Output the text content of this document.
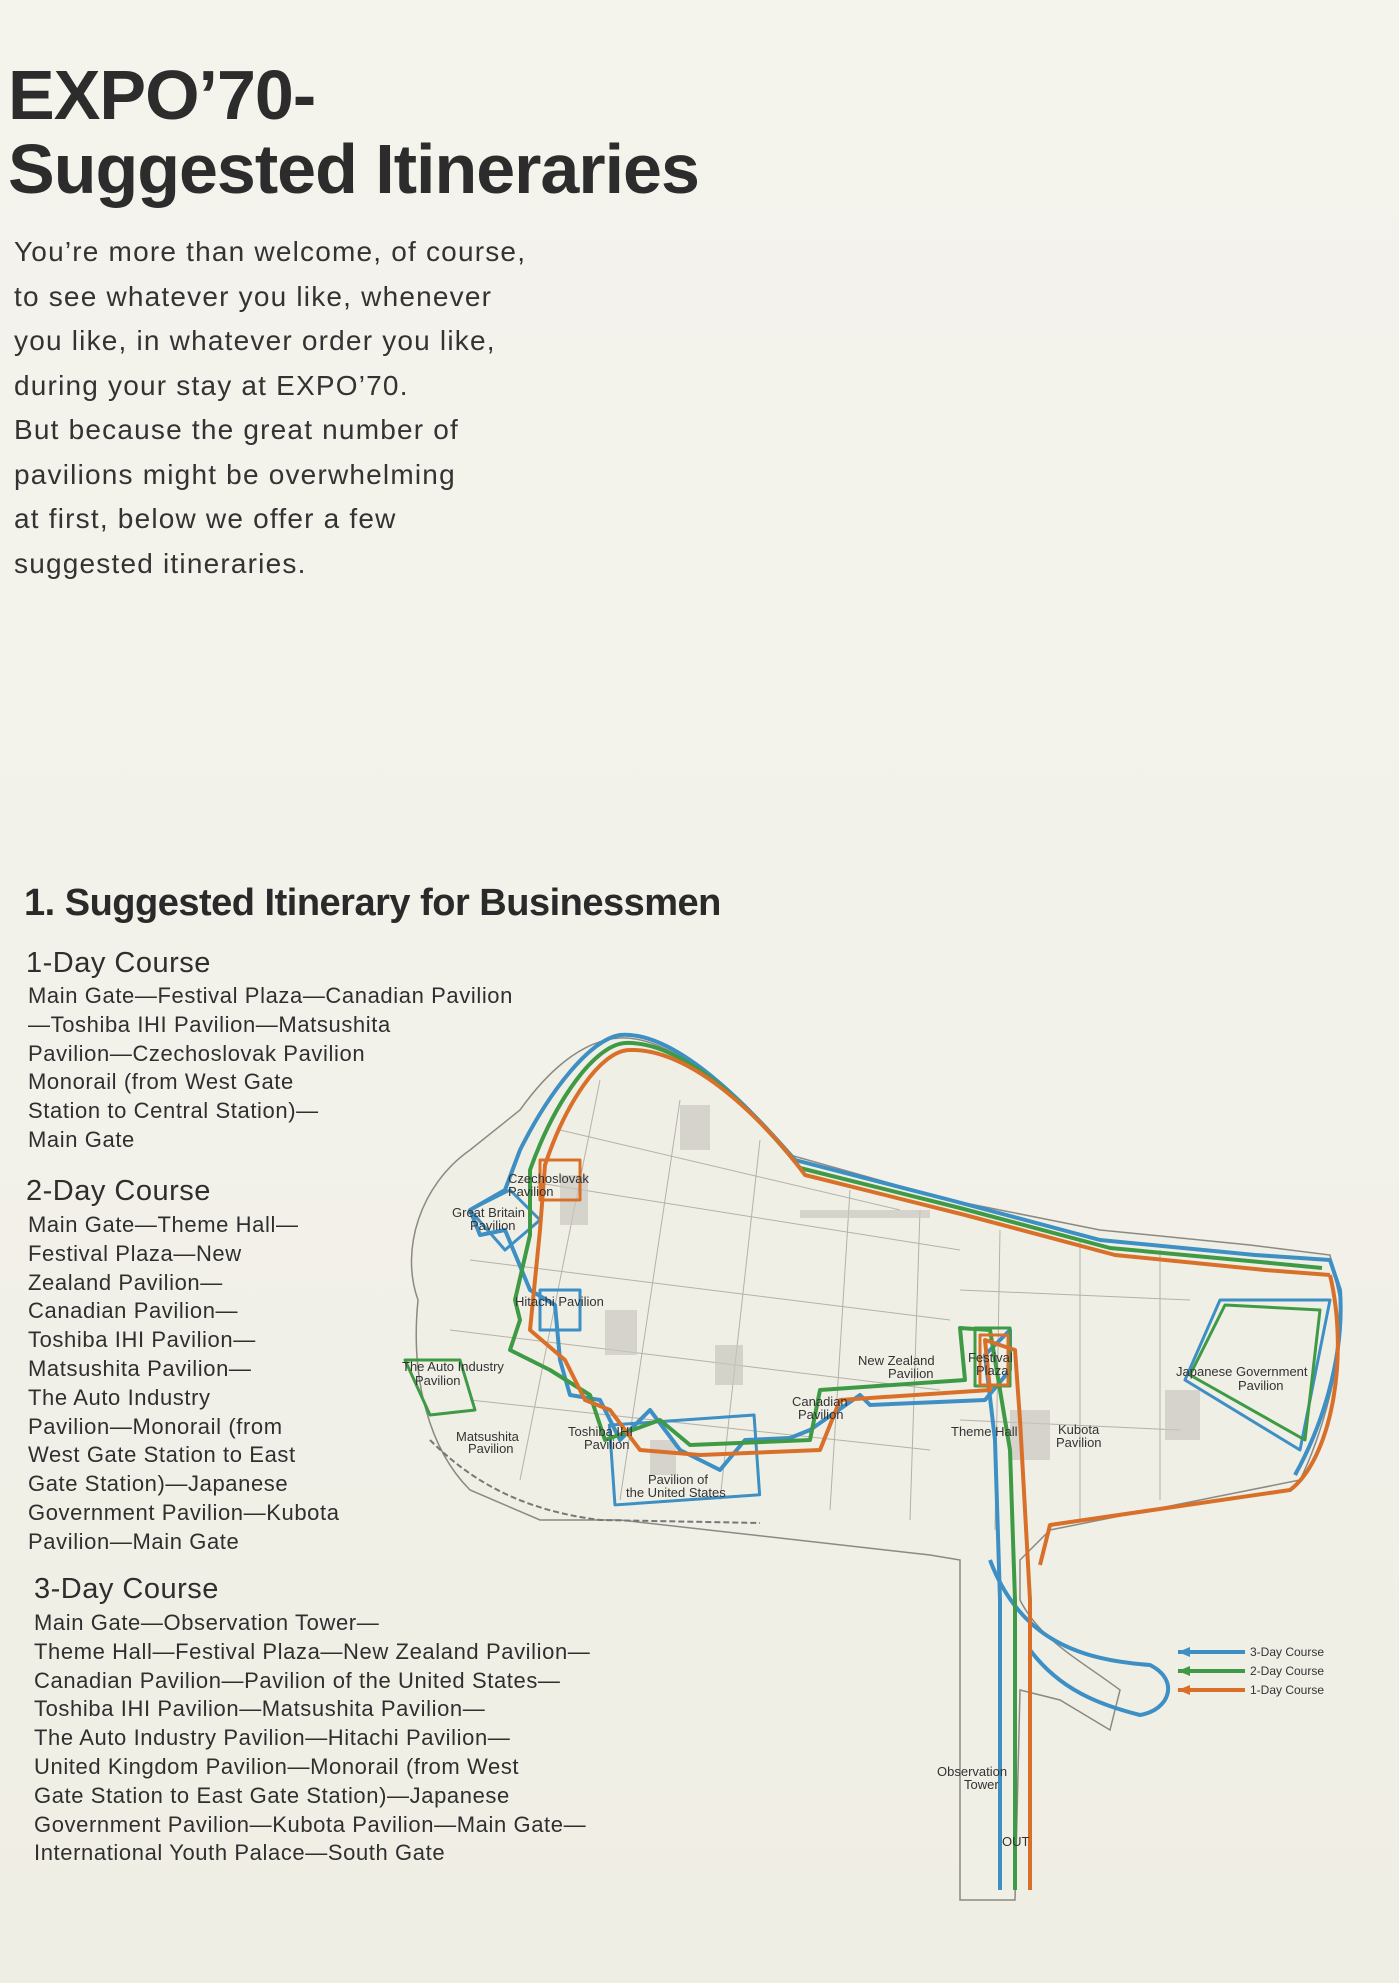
EXPO’70-
Suggested Itineraries

You’re more than welcome, of course,
to see whatever you like, whenever
you like, in whatever order you like,
during your stay at EXPO’70.
But because the great number of
pavilions might be overwhelming
at first, below we offer a few
suggested itineraries.

1. Suggested Itinerary for Businessmen
1-Day Course

Main Gate—Festival Plaza—Canadian Pavilion
—Toshiba IHI Pavilion—Matsushita
Pavilion—Czechoslovak Pavilion
Monorail (from West Gate
Station to Central Station)—
Main Gate

2-Day Course

Main Gate—Theme Hall—
Festival Plaza—New
Zealand Pavilion—
Canadian Pavilion—
Toshiba IHI Pavilion—
Matsushita Pavilion—
The Auto Industry
Pavilion—Monorail (from
West Gate Station to East
Gate Station)—Japanese
Government Pavilion—Kubota
Pavilion—Main Gate

3-Day Course

Main Gate—Observation Tower—
Theme Hall—Festival Plaza—New Zealand Pavilion—
Canadian Pavilion—Pavilion of the United States—
Toshiba IHI Pavilion—Matsushita Pavilion—
The Auto Industry Pavilion—Hitachi Pavilion—
United Kingdom Pavilion—Monorail (from West
Gate Station to East Gate Station)—Japanese
Government Pavilion—Kubota Pavilion—Main Gate—
International Youth Palace—South Gate

Czechoslovak
Pavilion
Great Britain
Pavilion
Hitachi Pavilion
The Auto Industry
Pavilion
Matsushita
Pavilion
Toshiba IHI
Pavilion
Pavilion of
the United States
New Zealand
Pavilion
Festival
Plaza
Canadian
Pavilion
Theme Hall	Kubota
Pavilion
Japanese Government
Pavilion
Observation
Tower
OUT
3-Day Course
2-Day Course
1-Day Course
